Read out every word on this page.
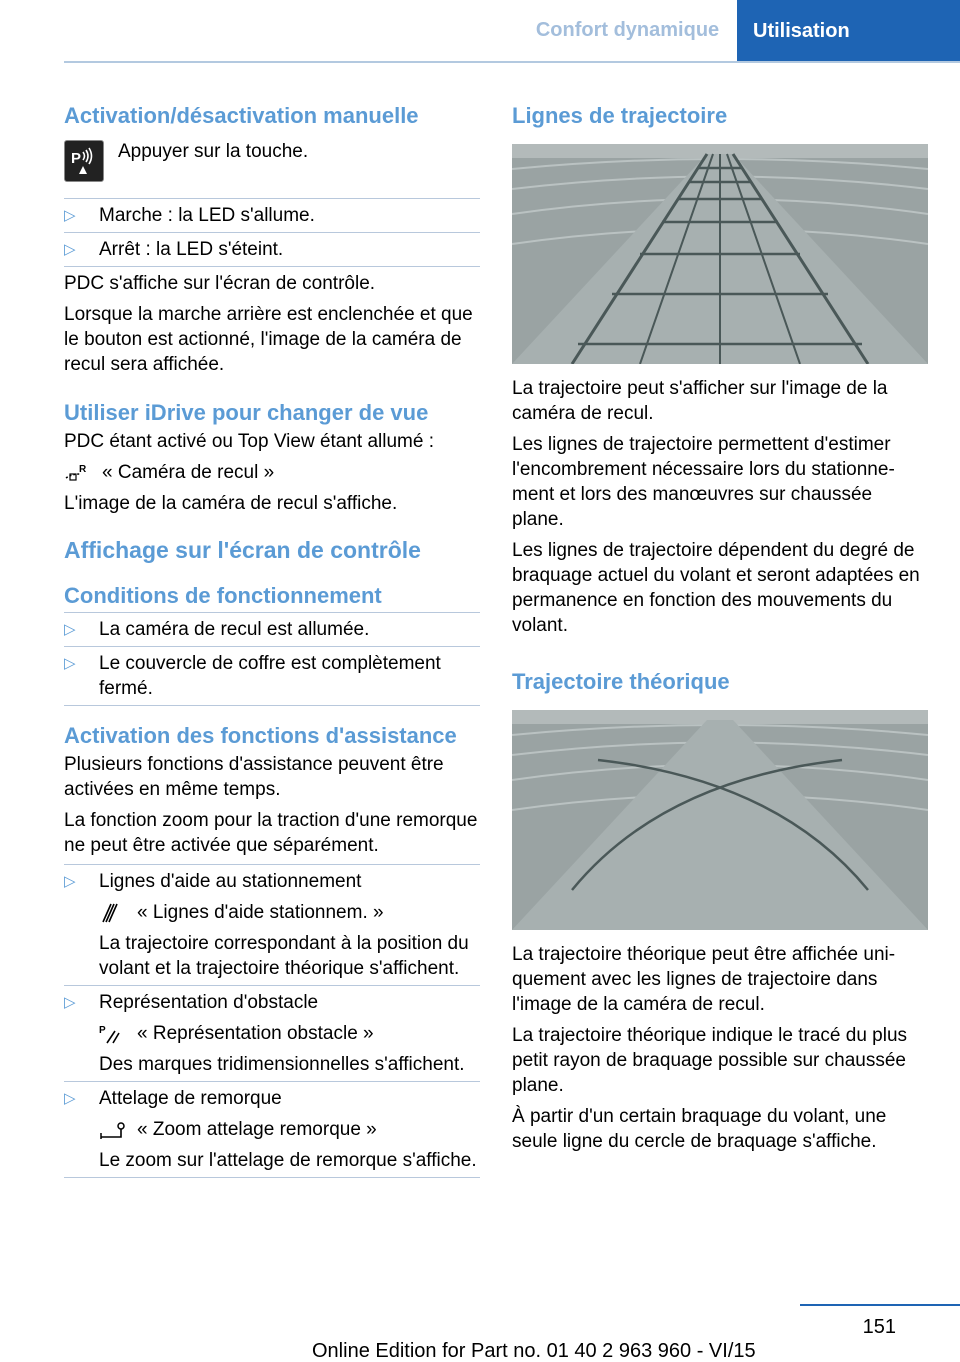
Confort dynamique	Utilisation
Activation/désactivation manuelle
P Appuyer sur la touche.

▷ Marche : la LED s'allume.
▷ Arrêt : la LED s'éteint.

PDC s'affiche sur l'écran de contrôle.

Lorsque la marche arrière est enclenchée et que le bouton est actionné, l'image de la caméra de recul sera affichée.

Utiliser iDrive pour changer de vue

PDC étant activé ou Top View étant allumé :

R « Caméra de recul »

L'image de la caméra de recul s'affiche.

Affichage sur l'écran de contrôle
Conditions de fonctionnement
▷ La caméra de recul est allumée.
▷ Le couvercle de coffre est complètement fermé.
Activation des fonctions d'assistance

Plusieurs fonctions d'assistance peuvent être activées en même temps.

La fonction zoom pour la traction d'une remorque ne peut être activée que séparément.

▷ Lignes d'aide au stationnement

« Lignes d'aide stationnem. »

La trajectoire correspondant à la position du volant et la trajectoire théorique s'affichent.

▷ Représentation d'obstacle

P « Représentation obstacle »

Des marques tridimensionnelles s'affichent.

▷ Attelage de remorque

« Zoom attelage remorque »

Le zoom sur l'attelage de remorque s'affiche.

Lignes de trajectoire

La trajectoire peut s'afficher sur l'image de la caméra de recul.

Les lignes de trajectoire permettent d'estimer l'encombrement nécessaire lors du stationnement et lors des manœuvres sur chaussée plane.

Les lignes de trajectoire dépendent du degré de braquage actuel du volant et seront adaptées en permanence en fonction des mouvements du volant.

Trajectoire théorique

La trajectoire théorique peut être affichée uniquement avec les lignes de trajectoire dans l'image de la caméra de recul.

La trajectoire théorique indique le tracé du plus petit rayon de braquage possible sur chaussée plane.

À partir d'un certain braquage du volant, une seule ligne du cercle de braquage s'affiche.

151
Online Edition for Part no. 01 40 2 963 960 - VI/15
